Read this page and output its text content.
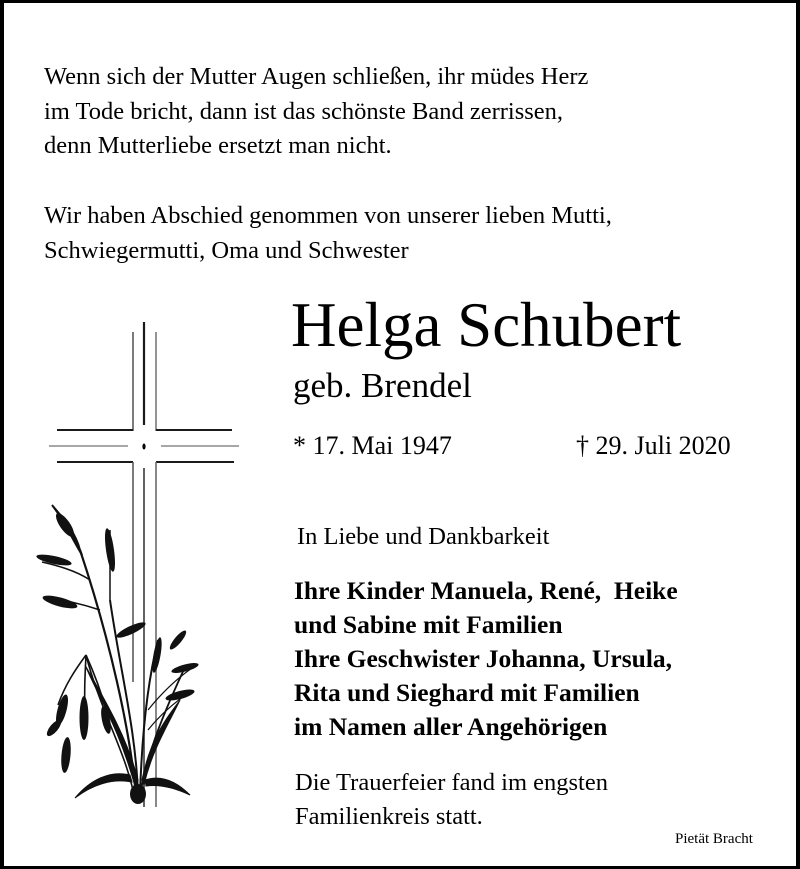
Wenn sich der Mutter Augen schließen, ihr müdes Herz
im Tode bricht, dann ist das schönste Band zerrissen,
denn Mutterliebe ersetzt man nicht.
Wir haben Abschied genommen von unserer lieben Mutti,
Schwiegermutti, Oma und Schwester
Helga Schubert
geb. Brendel
* 17. Mai 1947	† 29. Juli 2020
In Liebe und Dankbarkeit
Ihre Kinder Manuela, René,  Heike
und Sabine mit Familien
Ihre Geschwister Johanna, Ursula,
Rita und Sieghard mit Familien
im Namen aller Angehörigen
Die Trauerfeier fand im engsten
Familienkreis statt.
Pietät Bracht
